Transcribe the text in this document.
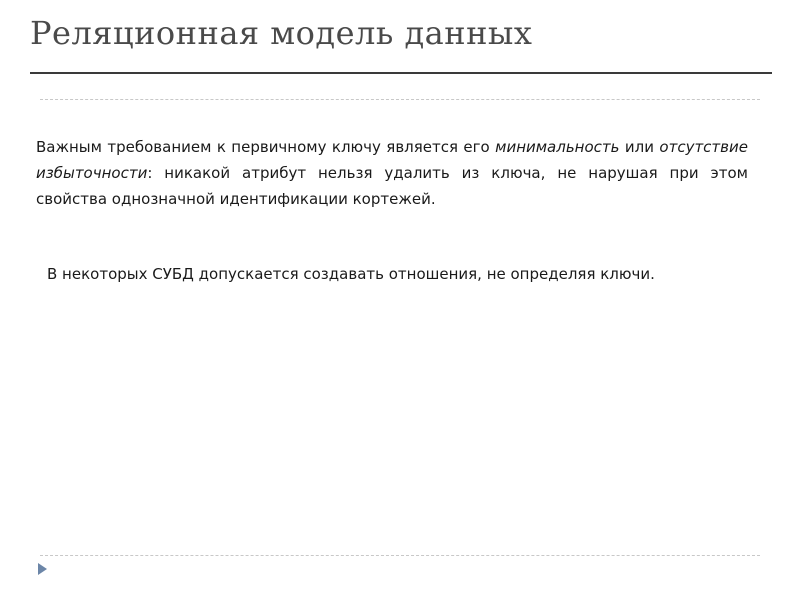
Реляционная модель данных
Важным требованием к первичному ключу является его минимальность или отсутствие избыточности: никакой атрибут нельзя удалить из ключа, не нарушая при этом свойства однозначной идентификации кортежей.
В некоторых СУБД допускается создавать отношения, не определяя ключи.
